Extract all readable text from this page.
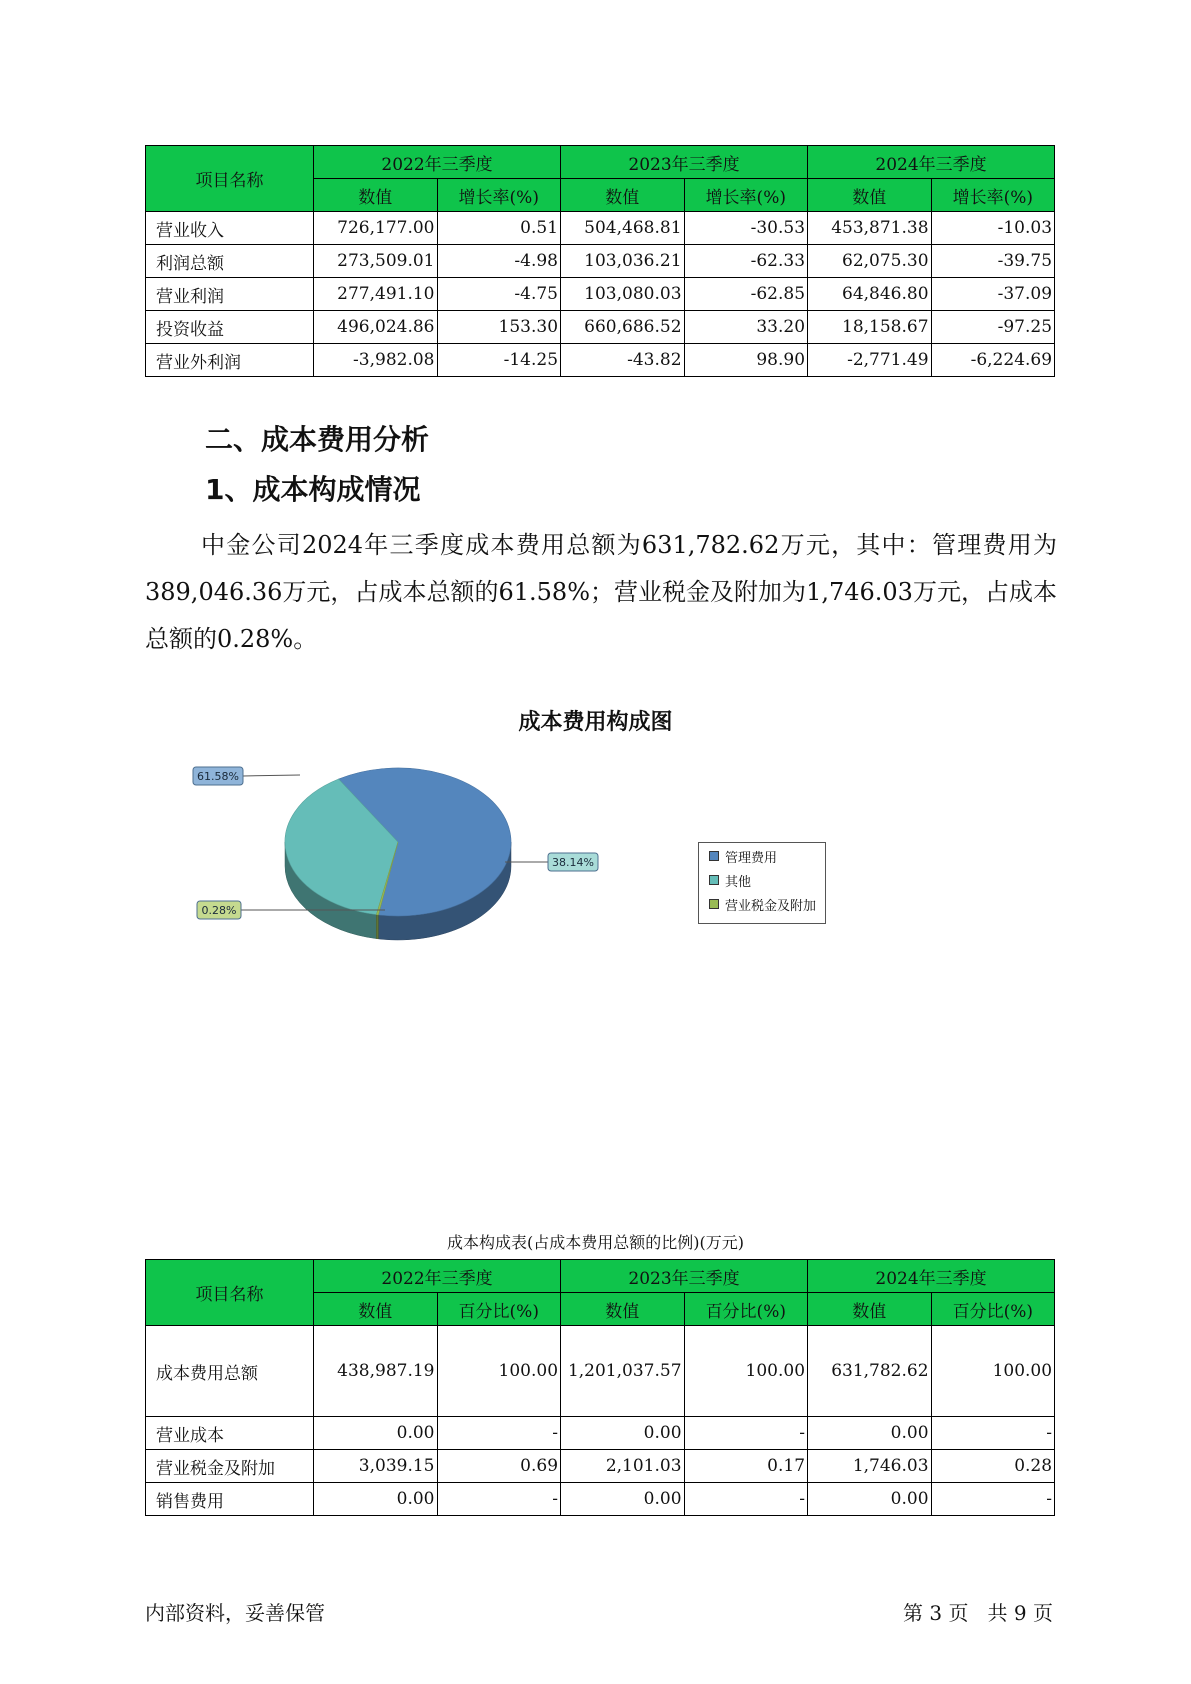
项目名称	2022年三季度		2023年三季度		2024年三季度	
	数值	增长率(%)	数值	增长率(%)	数值	增长率(%)
营业收入	726,177.00	0.51	504,468.81	-30.53	453,871.38	-10.03
利润总额	273,509.01	-4.98	103,036.21	-62.33	62,075.30	-39.75
营业利润	277,491.10	-4.75	103,080.03	-62.85	64,846.80	-37.09
投资收益	496,024.86	153.30	660,686.52	33.20	18,158.67	-97.25
营业外利润	-3,982.08	-14.25	-43.82	98.90	-2,771.49	-6,224.69
二、成本费用分析
1、成本构成情况

中金公司2024年三季度成本费用总额为631,782.62万元，其中：管理费用为389,046.36万元，占成本总额的61.58%；营业税金及附加为1,746.03万元，占成本总额的0.28%。

成本费用构成图
61.58%
38.14%
0.28%
管理费用
其他
营业税金及附加
成本构成表(占成本费用总额的比例)(万元)
项目名称	2022年三季度		2023年三季度		2024年三季度	
	数值	百分比(%)	数值	百分比(%)	数值	百分比(%)
成本费用总额	438,987.19	100.00	1,201,037.57	100.00	631,782.62	100.00
营业成本	0.00	-	0.00	-	0.00	-
营业税金及附加	3,039.15	0.69	2,101.03	0.17	1,746.03	0.28
销售费用	0.00	-	0.00	-	0.00	-
内部资料，妥善保管	第 3 页   共 9 页
